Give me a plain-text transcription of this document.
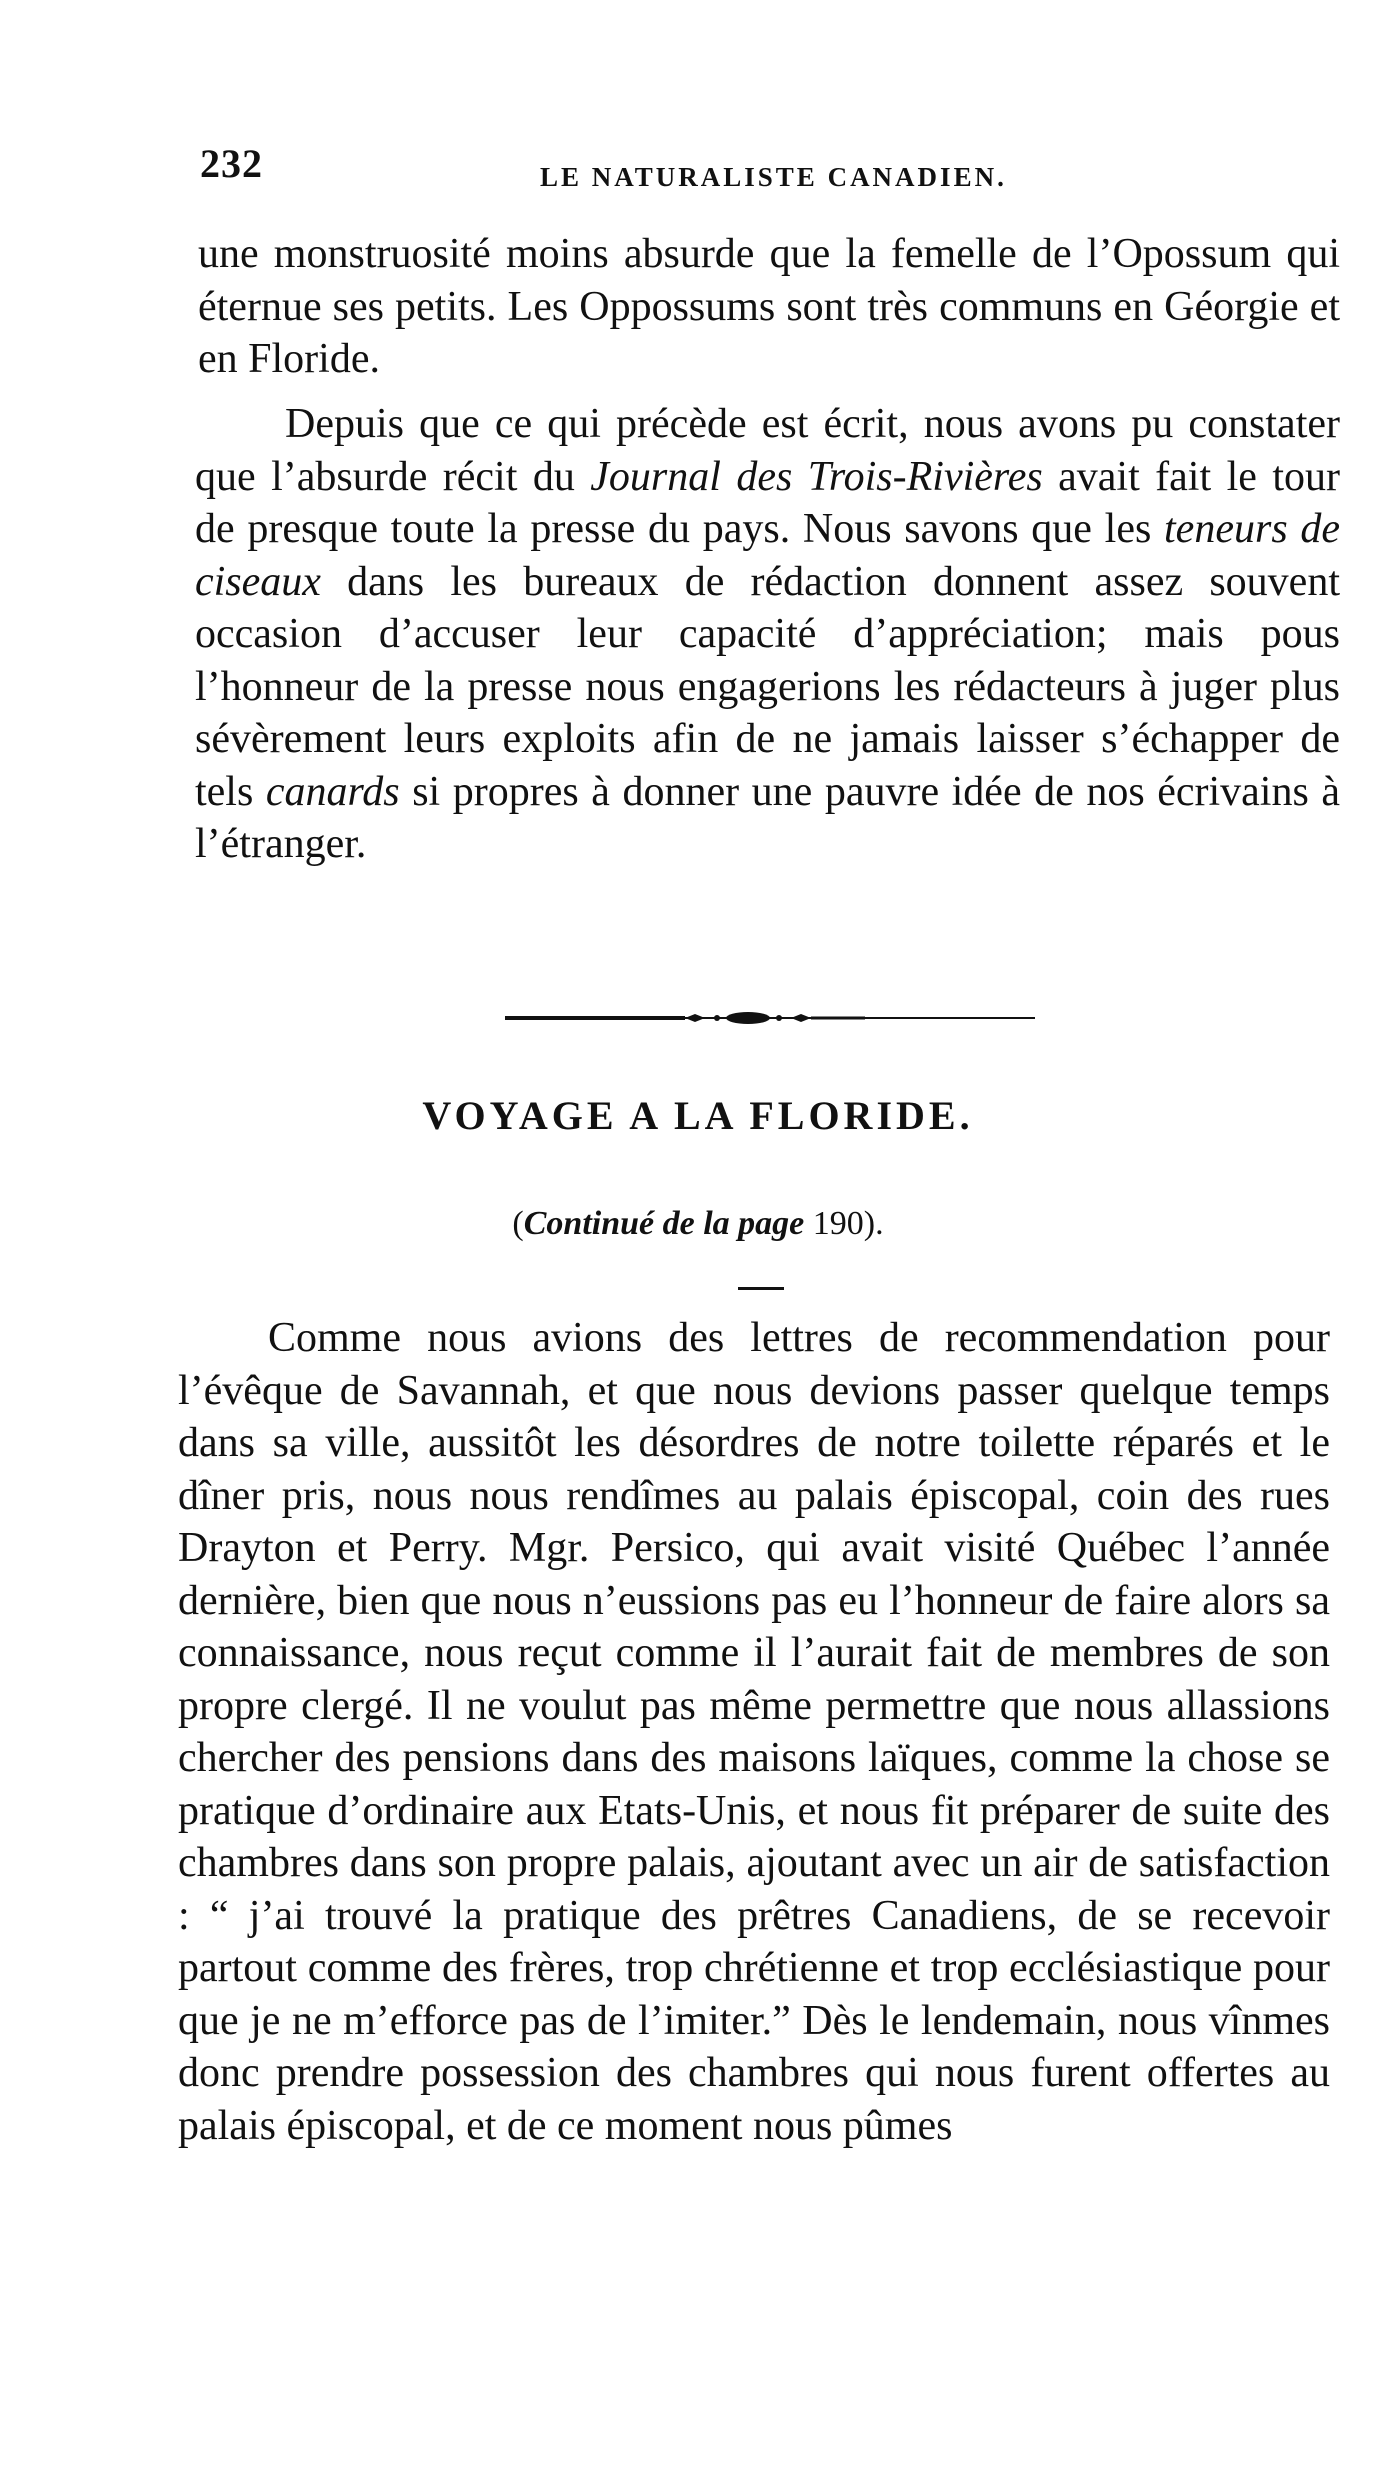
232	LE NATURALISTE CANADIEN.

une monstruosité moins absurde que la femelle de l’Opossum qui éternue ses petits. Les Oppossums sont très communs en Géorgie et en Floride.

Depuis que ce qui précède est écrit, nous avons pu constater que l’absurde récit du Journal des Trois-Rivières avait fait le tour de presque toute la presse du pays. Nous savons que les teneurs de ciseaux dans les bureaux de rédaction donnent assez souvent occasion d’accuser leur capacité d’appréciation; mais pous l’honneur de la presse nous engagerions les rédacteurs à juger plus sévèrement leurs exploits afin de ne jamais laisser s’échapper de tels canards si propres à donner une pauvre idée de nos écrivains à l’étranger.

VOYAGE A LA FLORIDE.
(Continué de la page 190).

Comme nous avions des lettres de recommendation pour l’évêque de Savannah, et que nous devions passer quelque temps dans sa ville, aussitôt les désordres de notre toilette réparés et le dîner pris, nous nous rendîmes au palais épiscopal, coin des rues Drayton et Perry. Mgr. Persico, qui avait visité Québec l’année dernière, bien que nous n’eussions pas eu l’honneur de faire alors sa connaissance, nous reçut comme il l’aurait fait de membres de son propre clergé. Il ne voulut pas même permettre que nous allassions chercher des pensions dans des maisons laïques, comme la chose se pratique d’ordinaire aux Etats-Unis, et nous fit préparer de suite des chambres dans son propre palais, ajoutant avec un air de satisfaction : “ j’ai trouvé la pratique des prêtres Canadiens, de se recevoir partout comme des frères, trop chrétienne et trop ecclésiastique pour que je ne m’efforce pas de l’imiter.” Dès le lendemain, nous vînmes donc prendre possession des chambres qui nous furent offertes au palais épiscopal, et de ce moment nous pûmes
